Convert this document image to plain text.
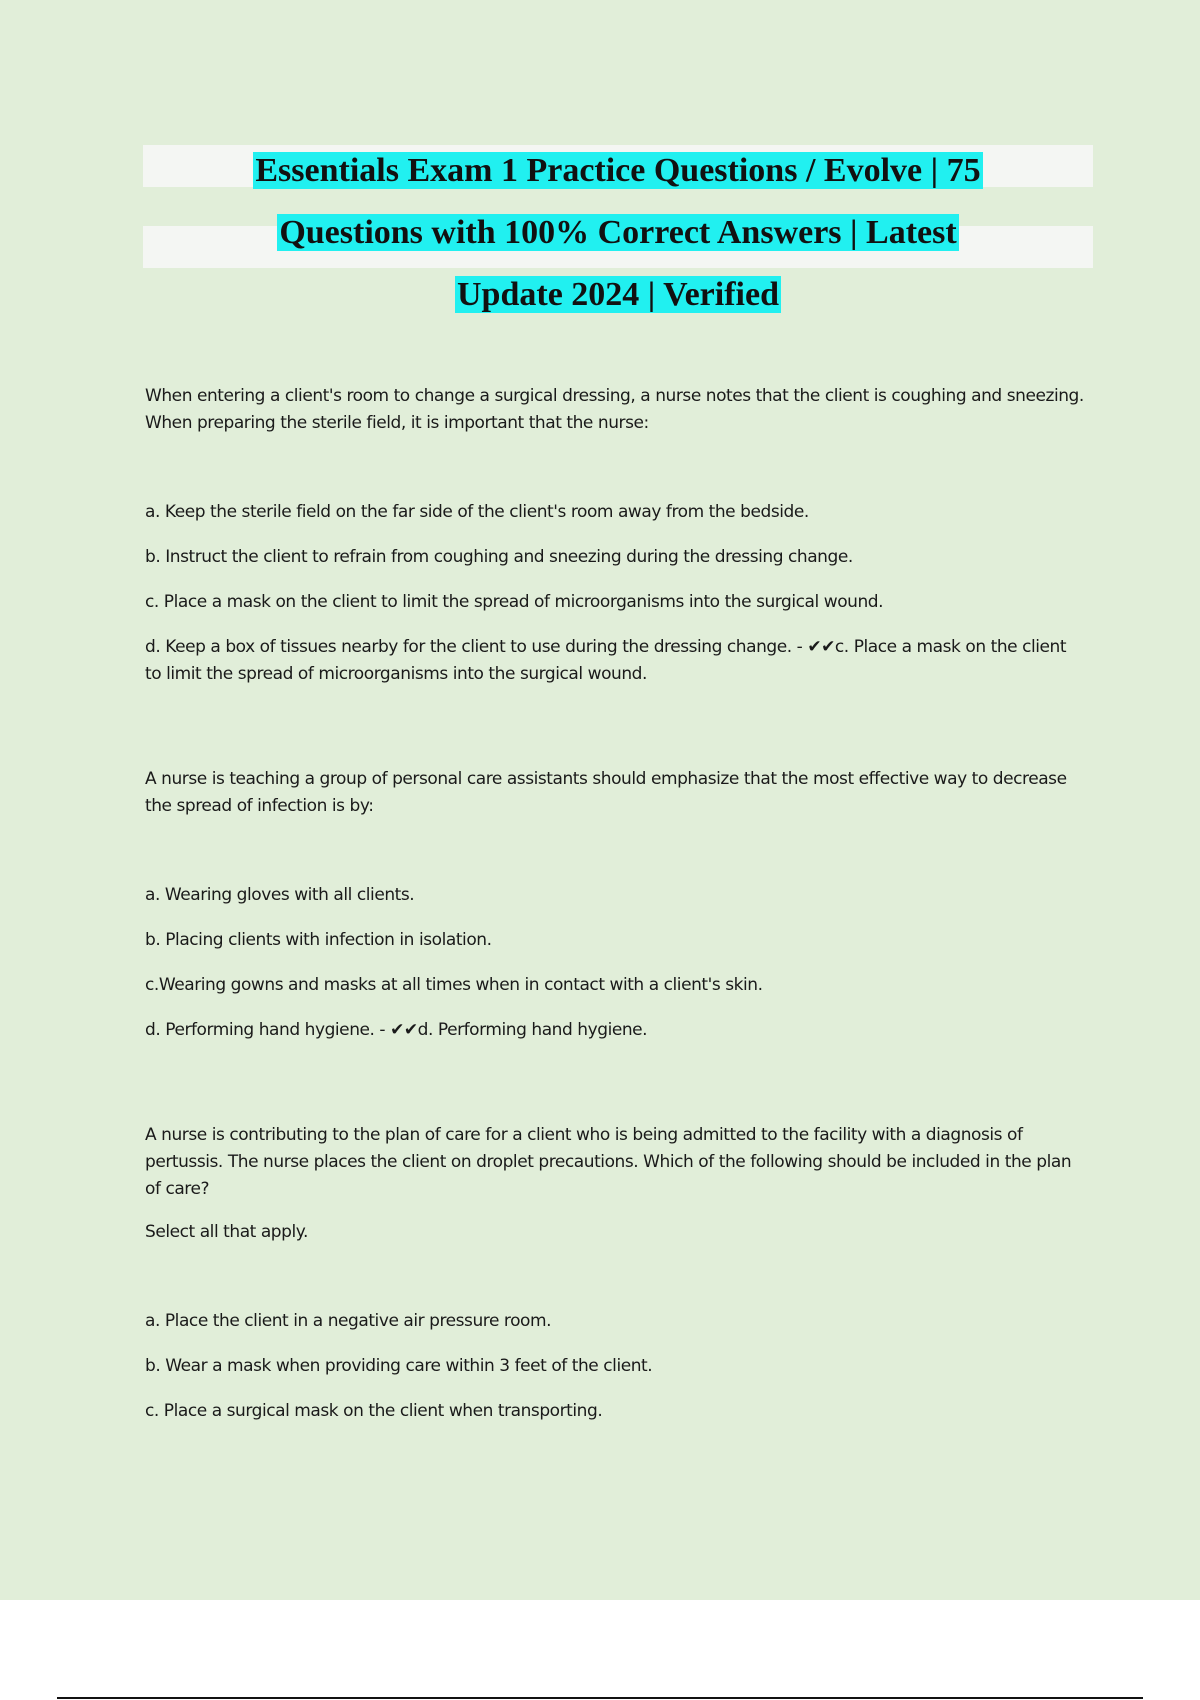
Essentials Exam 1 Practice Questions / Evolve | 75
Questions with 100% Correct Answers | Latest
Update 2024 | Verified

When entering a client's room to change a surgical dressing, a nurse notes that the client is coughing and sneezing. When preparing the sterile field, it is important that the nurse:

a. Keep the sterile field on the far side of the client's room away from the bedside.

b. Instruct the client to refrain from coughing and sneezing during the dressing change.

c. Place a mask on the client to limit the spread of microorganisms into the surgical wound.

d. Keep a box of tissues nearby for the client to use during the dressing change. - ✔✔c. Place a mask on the client to limit the spread of microorganisms into the surgical wound.

A nurse is teaching a group of personal care assistants should emphasize that the most effective way to decrease the spread of infection is by:

a. Wearing gloves with all clients.

b. Placing clients with infection in isolation.

c.Wearing gowns and masks at all times when in contact with a client's skin.

d. Performing hand hygiene. - ✔✔d. Performing hand hygiene.

A nurse is contributing to the plan of care for a client who is being admitted to the facility with a diagnosis of pertussis. The nurse places the client on droplet precautions. Which of the following should be included in the plan of care?

Select all that apply.

a. Place the client in a negative air pressure room.

b. Wear a mask when providing care within 3 feet of the client.

c. Place a surgical mask on the client when transporting.
